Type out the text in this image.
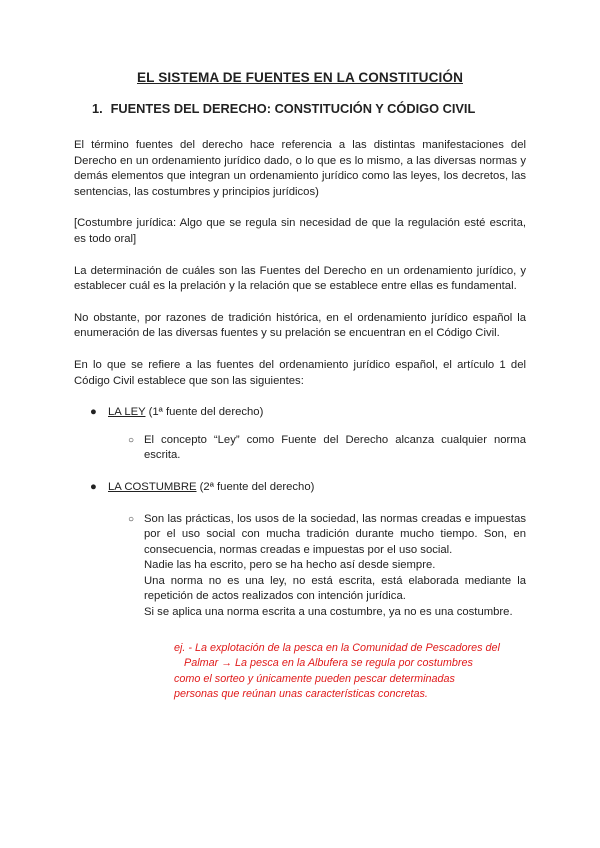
EL SISTEMA DE FUENTES EN LA CONSTITUCIÓN
1. FUENTES DEL DERECHO: CONSTITUCIÓN Y CÓDIGO CIVIL

El término fuentes del derecho hace referencia a las distintas manifestaciones del Derecho en un ordenamiento jurídico dado, o lo que es lo mismo, a las diversas normas y demás elementos que integran un ordenamiento jurídico como las leyes, los decretos, las sentencias, las costumbres y principios jurídicos)

[Costumbre jurídica: Algo que se regula sin necesidad de que la regulación esté escrita, es todo oral]

La determinación de cuáles son las Fuentes del Derecho en un ordenamiento jurídico, y establecer cuál es la prelación y la relación que se establece entre ellas es fundamental.

No obstante, por razones de tradición histórica, en el ordenamiento jurídico español la enumeración de las diversas fuentes y su prelación se encuentran en el Código Civil.

En lo que se refiere a las fuentes del ordenamiento jurídico español, el artículo 1 del Código Civil establece que son las siguientes:

● LA LEY (1ª fuente del derecho)
○ El concepto “Ley” como Fuente del Derecho alcanza cualquier norma escrita.
● LA COSTUMBRE (2ª fuente del derecho)
○ Son las prácticas, los usos de la sociedad, las normas creadas e impuestas por el uso social con mucha tradición durante mucho tiempo. Son, en consecuencia, normas creadas e impuestas por el uso social.
Nadie las ha escrito, pero se ha hecho así desde siempre.
Una norma no es una ley, no está escrita, está elaborada mediante la repetición de actos realizados con intención jurídica.
Si se aplica una norma escrita a una costumbre, ya no es una costumbre.
ej. - La explotación de la pesca en la Comunidad de Pescadores del
Palmar → La pesca en la Albufera se regula por costumbres
como el sorteo y únicamente pueden pescar determinadas
personas que reúnan unas características concretas.
